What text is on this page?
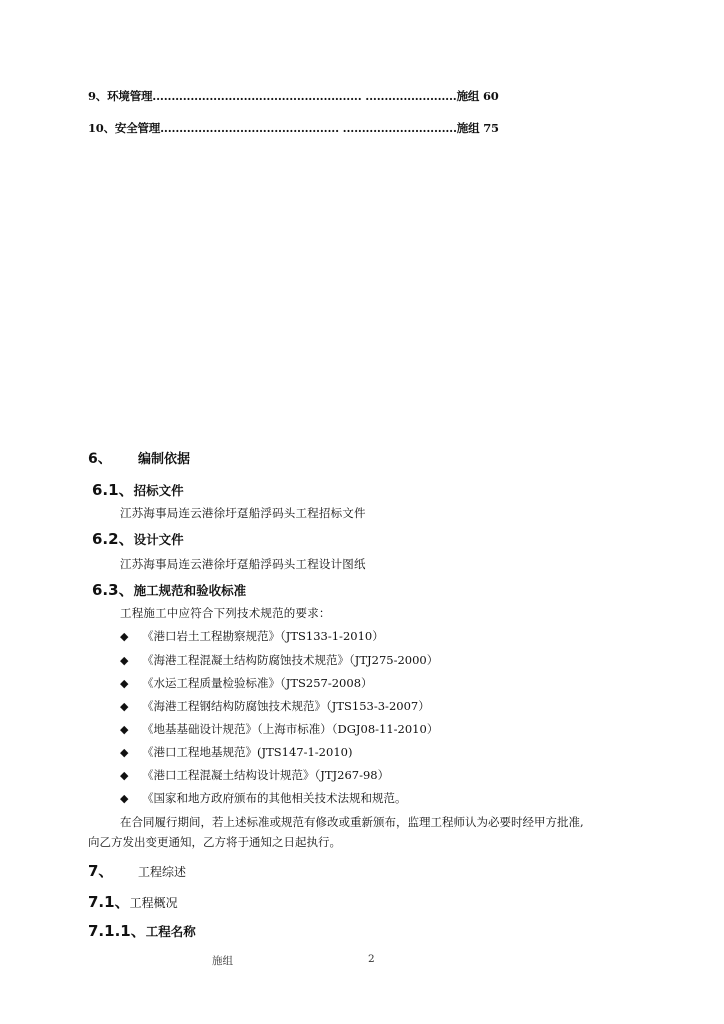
9、环境管理....................................................... ........................施组 60
10、安全管理............................................... ..............................施组 75
6、 编制依据
6.1、招标文件
江苏海事局连云港徐圩趸船浮码头工程招标文件
6.2、设计文件
江苏海事局连云港徐圩趸船浮码头工程设计图纸
6.3、施工规范和验收标准
工程施工中应符合下列技术规范的要求：
◆ 《港口岩土工程勘察规范》（JTS133-1-2010）
◆ 《海港工程混凝土结构防腐蚀技术规范》（JTJ275-2000）
◆ 《水运工程质量检验标准》（JTS257-2008）
◆ 《海港工程钢结构防腐蚀技术规范》（JTS153-3-2007）
◆ 《地基基础设计规范》（上海市标准）（DGJ08-11-2010）
◆ 《港口工程地基规范》(JTS147-1-2010)
◆ 《港口工程混凝土结构设计规范》（JTJ267-98）
◆ 《国家和地方政府颁布的其他相关技术法规和规范。
在合同履行期间，若上述标准或规范有修改或重新颁布，监理工程师认为必要时经甲方批准,
向乙方发出变更通知，乙方将于通知之日起执行。
7、 工程综述
7.1、工程概况
7.1.1、工程名称
施组	2
